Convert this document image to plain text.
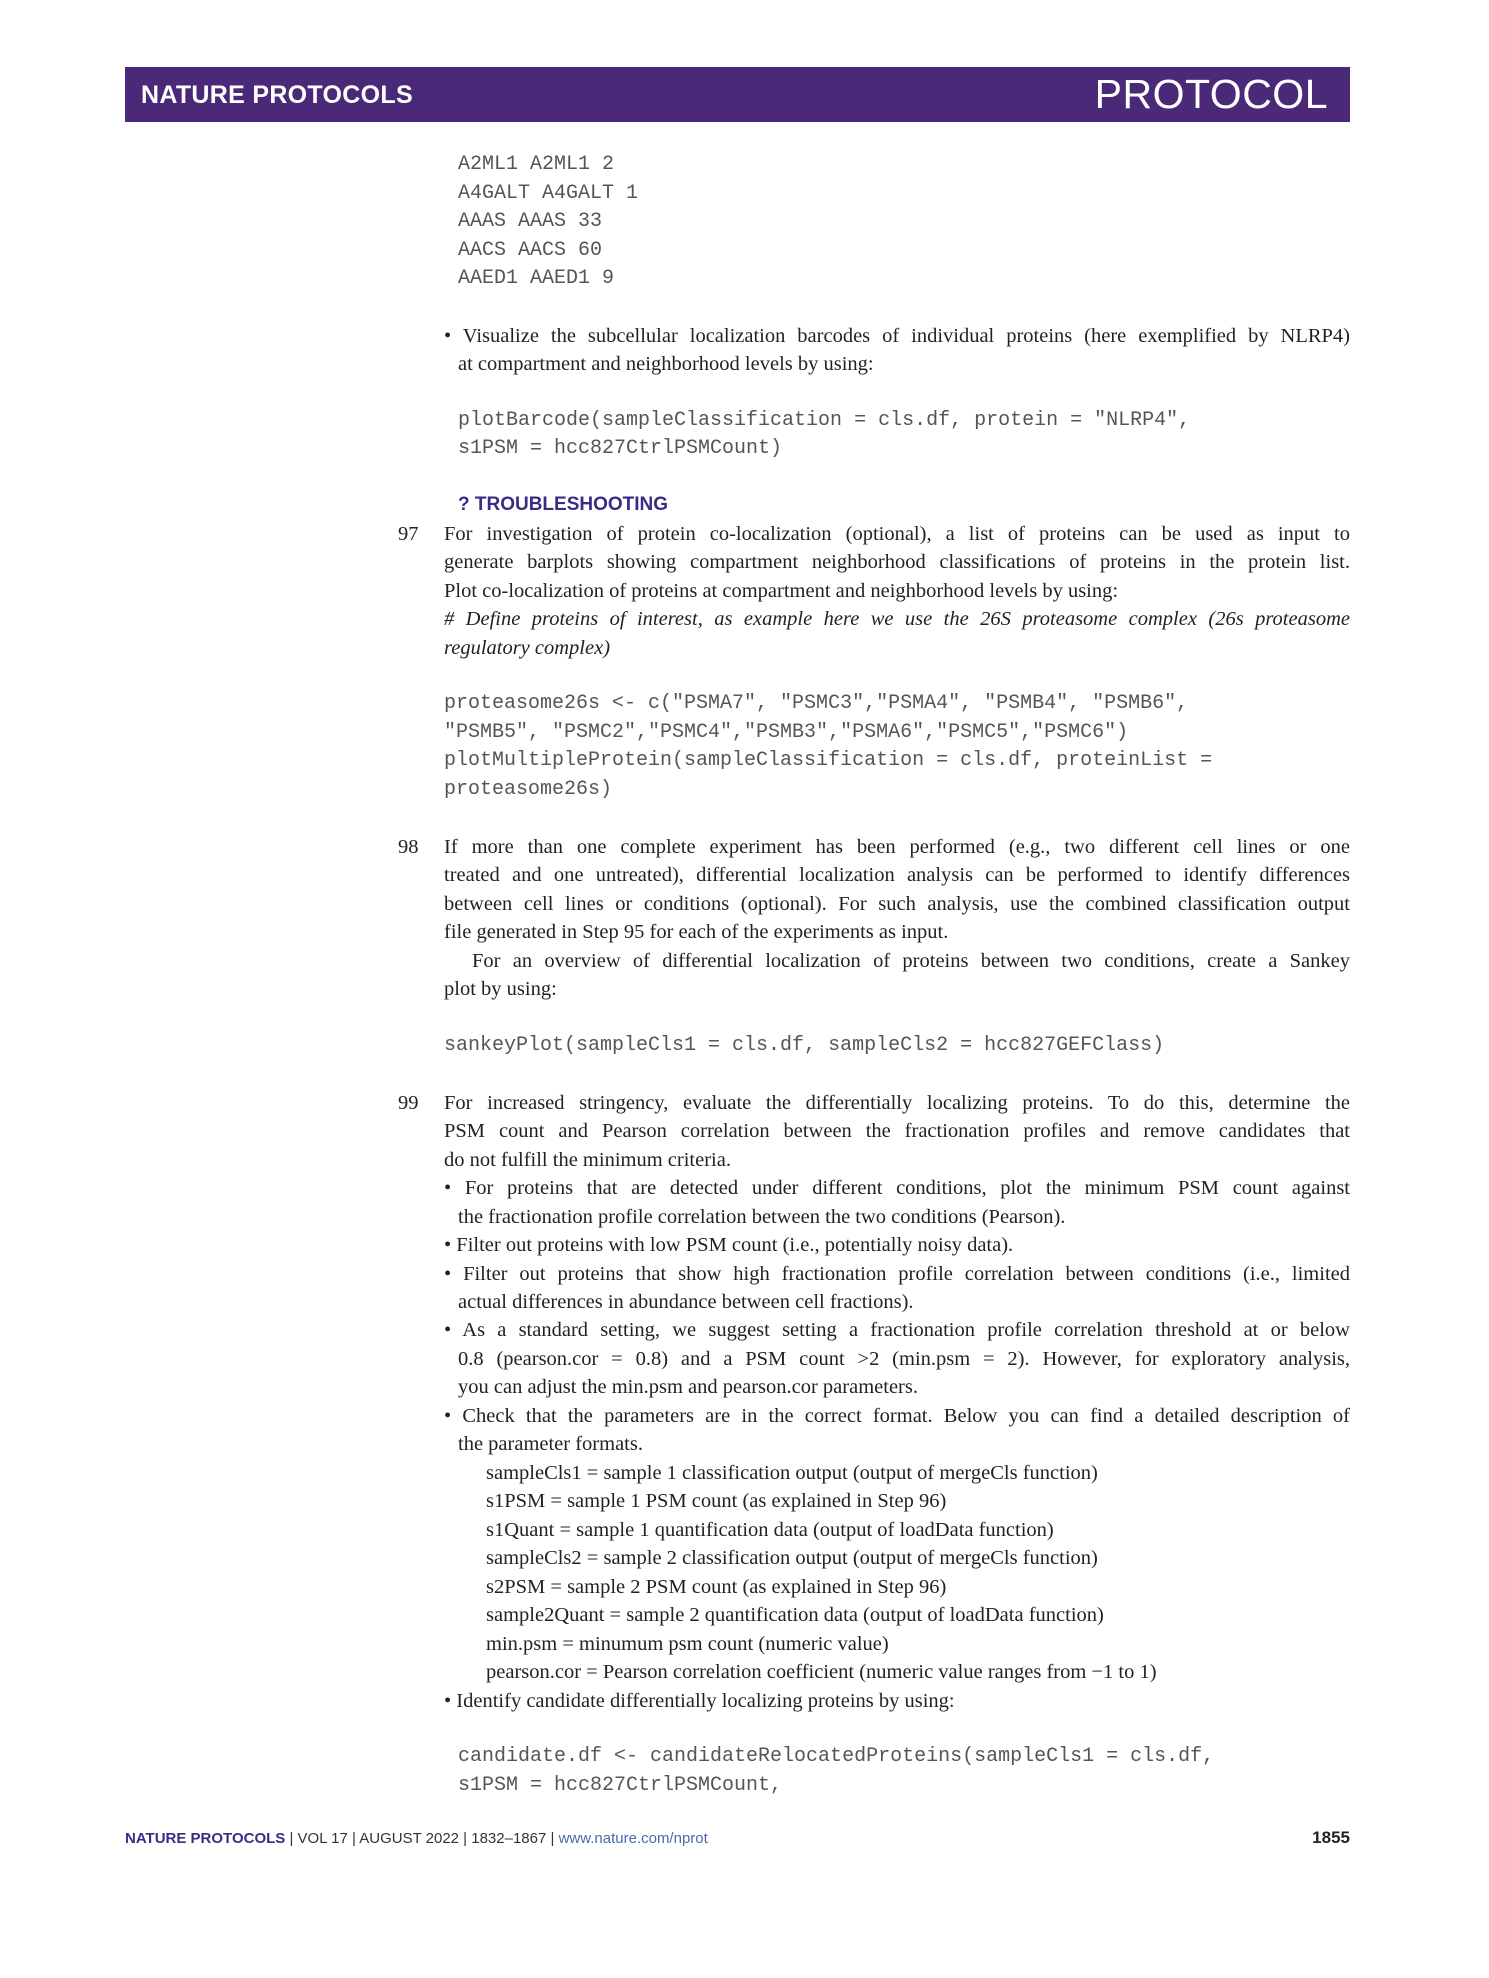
NATURE PROTOCOLS	PROTOCOL
A2ML1 A2ML1 2
A4GALT A4GALT 1
AAAS AAAS 33
AACS AACS 60
AAED1 AAED1 9
• Visualize the subcellular localization barcodes of individual proteins (here exemplified by NLRP4)
at compartment and neighborhood levels by using:
plotBarcode(sampleClassification = cls.df, protein = "NLRP4",
s1PSM = hcc827CtrlPSMCount)
? TROUBLESHOOTING
97 For investigation of protein co-localization (optional), a list of proteins can be used as input to
generate barplots showing compartment neighborhood classifications of proteins in the protein list.
Plot co-localization of proteins at compartment and neighborhood levels by using:
# Define proteins of interest, as example here we use the 26S proteasome complex (26s proteasome
regulatory complex)
proteasome26s <- c("PSMA7", "PSMC3","PSMA4", "PSMB4", "PSMB6",
"PSMB5", "PSMC2","PSMC4","PSMB3","PSMA6","PSMC5","PSMC6")
plotMultipleProtein(sampleClassification = cls.df, proteinList =
proteasome26s)
98 If more than one complete experiment has been performed (e.g., two different cell lines or one
treated and one untreated), differential localization analysis can be performed to identify differences
between cell lines or conditions (optional). For such analysis, use the combined classification output
file generated in Step 95 for each of the experiments as input.
For an overview of differential localization of proteins between two conditions, create a Sankey
plot by using:
sankeyPlot(sampleCls1 = cls.df, sampleCls2 = hcc827GEFClass)
99 For increased stringency, evaluate the differentially localizing proteins. To do this, determine the
PSM count and Pearson correlation between the fractionation profiles and remove candidates that
do not fulfill the minimum criteria.
• For proteins that are detected under different conditions, plot the minimum PSM count against
the fractionation profile correlation between the two conditions (Pearson).
• Filter out proteins with low PSM count (i.e., potentially noisy data).
• Filter out proteins that show high fractionation profile correlation between conditions (i.e., limited
actual differences in abundance between cell fractions).
• As a standard setting, we suggest setting a fractionation profile correlation threshold at or below
0.8 (pearson.cor = 0.8) and a PSM count >2 (min.psm = 2). However, for exploratory analysis,
you can adjust the min.psm and pearson.cor parameters.
• Check that the parameters are in the correct format. Below you can find a detailed description of
the parameter formats.
sampleCls1 = sample 1 classification output (output of mergeCls function)
s1PSM = sample 1 PSM count (as explained in Step 96)
s1Quant = sample 1 quantification data (output of loadData function)
sampleCls2 = sample 2 classification output (output of mergeCls function)
s2PSM = sample 2 PSM count (as explained in Step 96)
sample2Quant = sample 2 quantification data (output of loadData function)
min.psm = minumum psm count (numeric value)
pearson.cor = Pearson correlation coefficient (numeric value ranges from −1 to 1)
• Identify candidate differentially localizing proteins by using:
candidate.df <- candidateRelocatedProteins(sampleCls1 = cls.df,
s1PSM = hcc827CtrlPSMCount,
NATURE PROTOCOLS | VOL 17 | AUGUST 2022 | 1832–1867 | www.nature.com/nprot	1855
